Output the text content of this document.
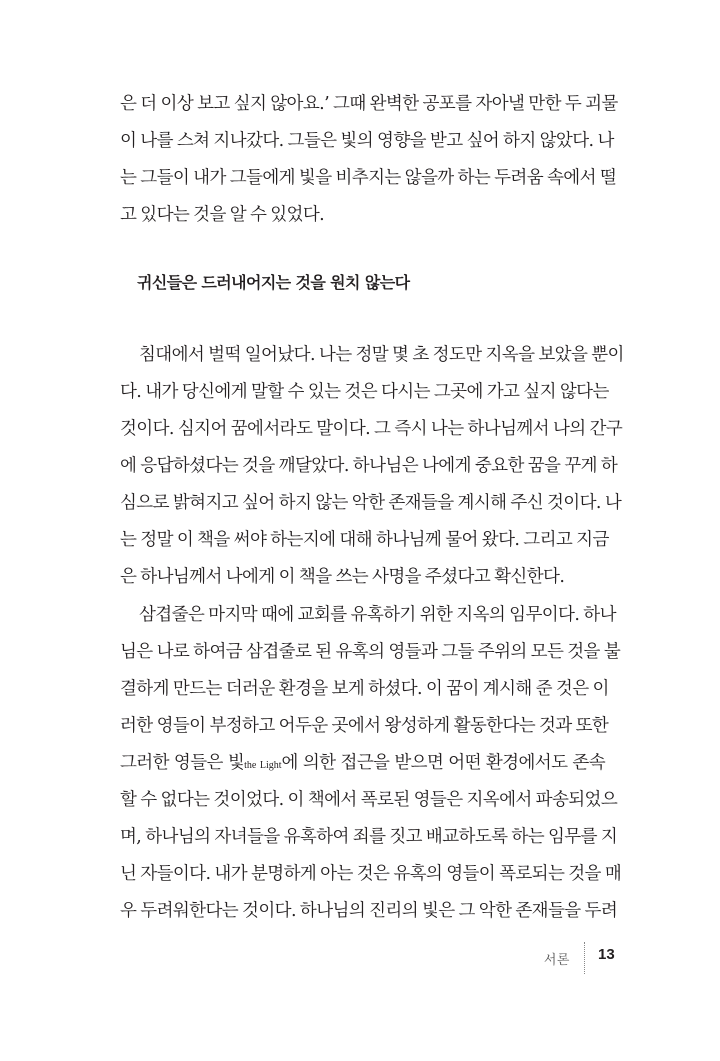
은 더 이상 보고 싶지 않아요.’ 그때 완벽한 공포를 자아낼 만한 두 괴물
이 나를 스쳐 지나갔다. 그들은 빛의 영향을 받고 싶어 하지 않았다. 나
는 그들이 내가 그들에게 빛을 비추지는 않을까 하는 두려움 속에서 떨
고 있다는 것을 알 수 있었다.
귀신들은 드러내어지는 것을 원치 않는다
침대에서 벌떡 일어났다. 나는 정말 몇 초 정도만 지옥을 보았을 뿐이
다. 내가 당신에게 말할 수 있는 것은 다시는 그곳에 가고 싶지 않다는
것이다. 심지어 꿈에서라도 말이다. 그 즉시 나는 하나님께서 나의 간구
에 응답하셨다는 것을 깨달았다. 하나님은 나에게 중요한 꿈을 꾸게 하
심으로 밝혀지고 싶어 하지 않는 악한 존재들을 계시해 주신 것이다. 나
는 정말 이 책을 써야 하는지에 대해 하나님께 물어 왔다. 그리고 지금
은 하나님께서 나에게 이 책을 쓰는 사명을 주셨다고 확신한다.
삼겹줄은 마지막 때에 교회를 유혹하기 위한 지옥의 임무이다. 하나
님은 나로 하여금 삼겹줄로 된 유혹의 영들과 그들 주위의 모든 것을 불
결하게 만드는 더러운 환경을 보게 하셨다. 이 꿈이 계시해 준 것은 이
러한 영들이 부정하고 어두운 곳에서 왕성하게 활동한다는 것과 또한
그러한 영들은 빛the Light에 의한 접근을 받으면 어떤 환경에서도 존속
할 수 없다는 것이었다. 이 책에서 폭로된 영들은 지옥에서 파송되었으
며, 하나님의 자녀들을 유혹하여 죄를 짓고 배교하도록 하는 임무를 지
닌 자들이다. 내가 분명하게 아는 것은 유혹의 영들이 폭로되는 것을 매
우 두려워한다는 것이다. 하나님의 진리의 빛은 그 악한 존재들을 두려
서론 13
